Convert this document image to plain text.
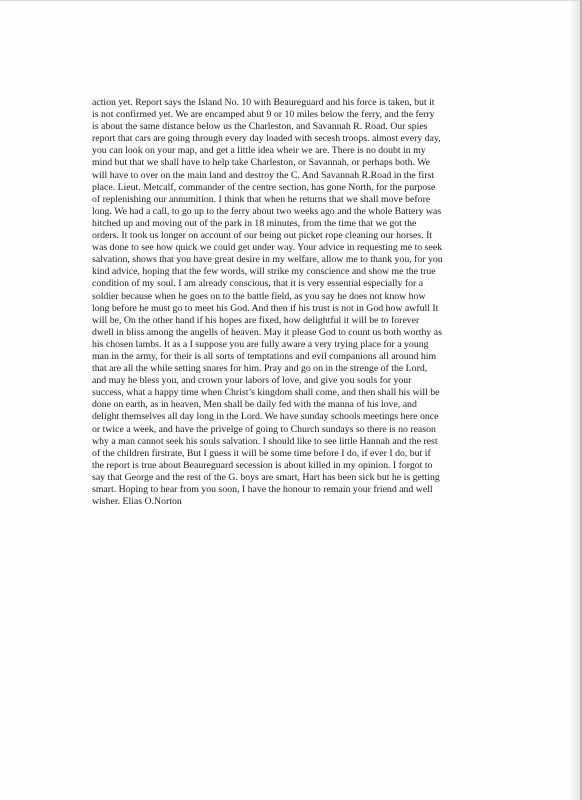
action yet. Report says the Island No. 10 with Beaureguard and his force is taken, but it
is not confirmed yet. We are encamped abut 9 or 10 miles below the ferry, and the ferry
is about the same distance below us the Charleston, and Savannah R. Road. Our spies
report that cars are going through every day loaded with secesh troops. almost every day,
you can look on your map, and get a little idea wheir we are. There is no doubt in my
mind but that we shall have to help take Charleston, or Savannah, or perhaps both. We
will have to over on the main land and destroy the C. And Savannah R.Road in the first
place. Lieut. Metcalf, commander of the centre section, has gone North, for the purpose
of replenishing our annumition. I think that when he returns that we shall move before
long. We had a call, to go up to the ferry about two weeks ago and the whole Battery was
hitched up and moving out of the park in 18 minutes, from the time that we got the
orders. It took us longer on account of our being out picket rope cleaning our horses. It
was done to see how quick we could get under way. Your advice in requesting me to seek
salvation, shows that you have great desire in my welfare, allow me to thank you, for you
kind advice, hoping that the few words, will strike my conscience and show me the true
condition of my soul. I am already conscious, that it is very essential especially for a
soldier because when he goes on to the battle field, as you say he does not know how
long before he must go to meet his God. And then if his trust is not in God how awfull It
will be, On the other hand if his hopes are fixed, how delightful it will be to forever
dwell in bliss among the angells of heaven. May it please God to count us both worthy as
his chosen lambs. It as a I suppose you are fully aware a very trying place for a young
man in the army, for their is all sorts of temptations and evil companions all around him
that are all the while setting snares for him. Pray and go on in the strenge of the Lord,
and may he bless you, and crown your labors of love, and give you souls for your
success, what a happy time when Christ’s kingdom shall come, and then shall his will be
done on earth, as in heaven, Men shall be daily fed with the manna of his love, and
delight themselves all day long in the Lord. We have sunday schools meetings here once
or twice a week, and have the privelge of going to Church sundays so there is no reason
why a man cannot seek his souls salvation. I should like to see little Hannah and the rest
of the children firstrate, But I guess it will be some time before I do, if ever I do, but if
the report is true about Beaureguard secession is about killed in my opinion. I forgot to
say that George and the rest of the G. boys are smart, Hart has been sick but he is getting
smart. Hoping to hear from you soon, I have the honour to remain your friend and well
wisher. Elias O.Norton
